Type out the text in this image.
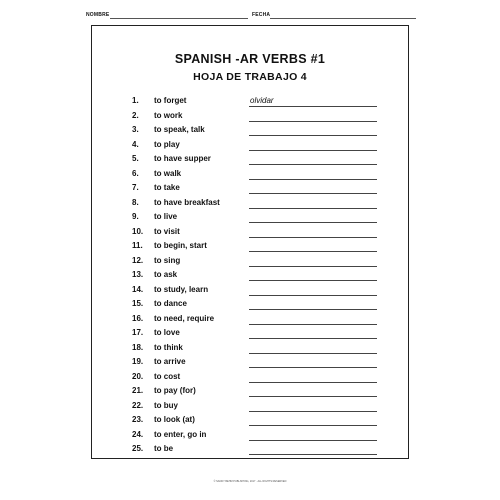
NOMBRE	FECHA
SPANISH -AR VERBS #1
HOJA DE TRABAJO 4
1. to forget	olvidar
2. to work
3. to speak, talk
4. to play
5. to have supper
6. to walk
7. to take
8. to have breakfast
9. to live
10. to visit
11. to begin, start
12. to sing
13. to ask
14. to study, learn
15. to dance
16. to need, require
17. to love
18. to think
19. to arrive
20. to cost
21. to pay (for)
22. to buy
23. to look (at)
24. to enter, go in
25. to be
© SANDY BEHM PUBLISHING, 2017 · ALL RIGHTS RESERVED
